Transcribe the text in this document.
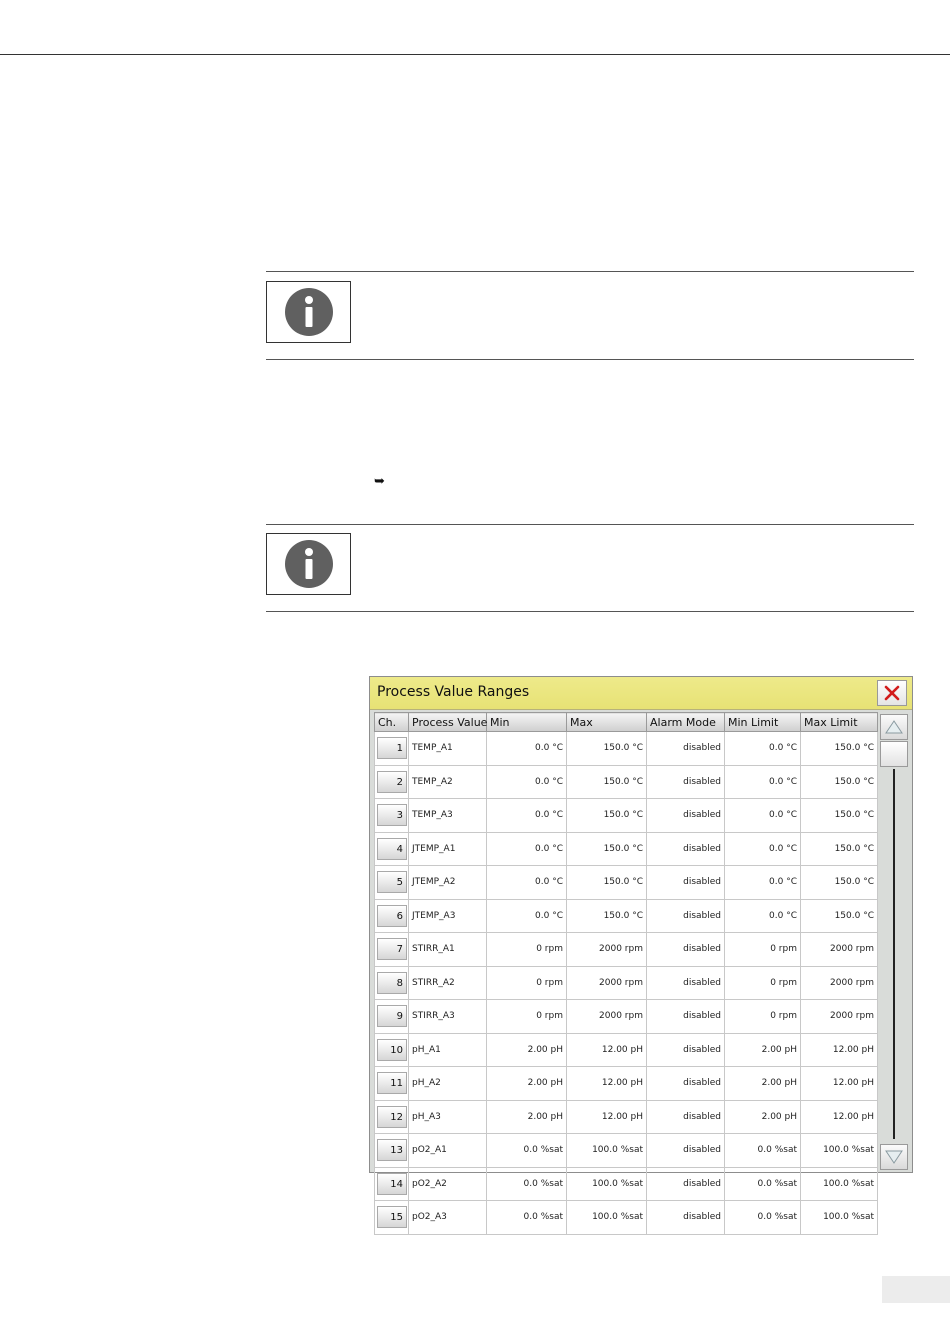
➥
Process Value Ranges
Ch.	Process Value	Min	Max	Alarm Mode	Min Limit	Max Limit

1	TEMP_A1	0.0 °C	150.0 °C	disabled	0.0 °C	150.0 °C

2	TEMP_A2	0.0 °C	150.0 °C	disabled	0.0 °C	150.0 °C

3	TEMP_A3	0.0 °C	150.0 °C	disabled	0.0 °C	150.0 °C

4	JTEMP_A1	0.0 °C	150.0 °C	disabled	0.0 °C	150.0 °C

5	JTEMP_A2	0.0 °C	150.0 °C	disabled	0.0 °C	150.0 °C

6	JTEMP_A3	0.0 °C	150.0 °C	disabled	0.0 °C	150.0 °C

7	STIRR_A1	0 rpm	2000 rpm	disabled	0 rpm	2000 rpm

8	STIRR_A2	0 rpm	2000 rpm	disabled	0 rpm	2000 rpm

9	STIRR_A3	0 rpm	2000 rpm	disabled	0 rpm	2000 rpm

10	pH_A1	2.00 pH	12.00 pH	disabled	2.00 pH	12.00 pH

11	pH_A2	2.00 pH	12.00 pH	disabled	2.00 pH	12.00 pH

12	pH_A3	2.00 pH	12.00 pH	disabled	2.00 pH	12.00 pH

13	pO2_A1	0.0 %sat	100.0 %sat	disabled	0.0 %sat	100.0 %sat

14	pO2_A2	0.0 %sat	100.0 %sat	disabled	0.0 %sat	100.0 %sat

15	pO2_A3	0.0 %sat	100.0 %sat	disabled	0.0 %sat	100.0 %sat
